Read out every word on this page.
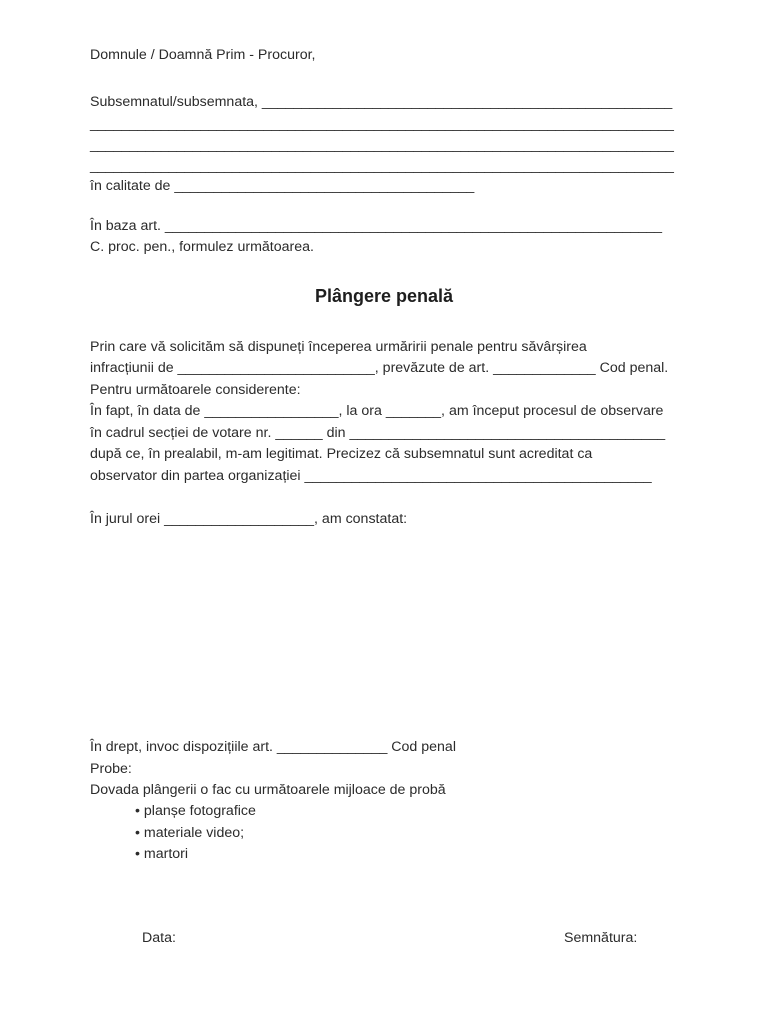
Domnule / Doamnă Prim - Procuror,
Subsemnatul/subsemnata, ____________________________________________________
__________________________________________________________________________
__________________________________________________________________________
__________________________________________________________________________
în calitate de ______________________________________
În baza art. _______________________________________________________________
C. proc. pen., formulez următoarea.
Plângere penală
Prin care vă solicităm să dispuneți începerea urmăririi penale pentru săvârșirea
infracțiunii de _________________________, prevăzute de art. _____________ Cod penal.
Pentru următoarele considerente:
În fapt, în data de _________________, la ora _______, am început procesul de observare
în cadrul secției de votare nr. ______ din ________________________________________
după ce, în prealabil, m-am legitimat. Precizez că subsemnatul sunt acreditat ca
observator din partea organizației ____________________________________________
În jurul orei ___________________, am constatat:
În drept, invoc dispozițiile art. ______________ Cod penal
Probe:
Dovada plângerii o fac cu următoarele mijloace de probă
• planșe fotografice
• materiale video;
• martori
Data:	Semnătura:
